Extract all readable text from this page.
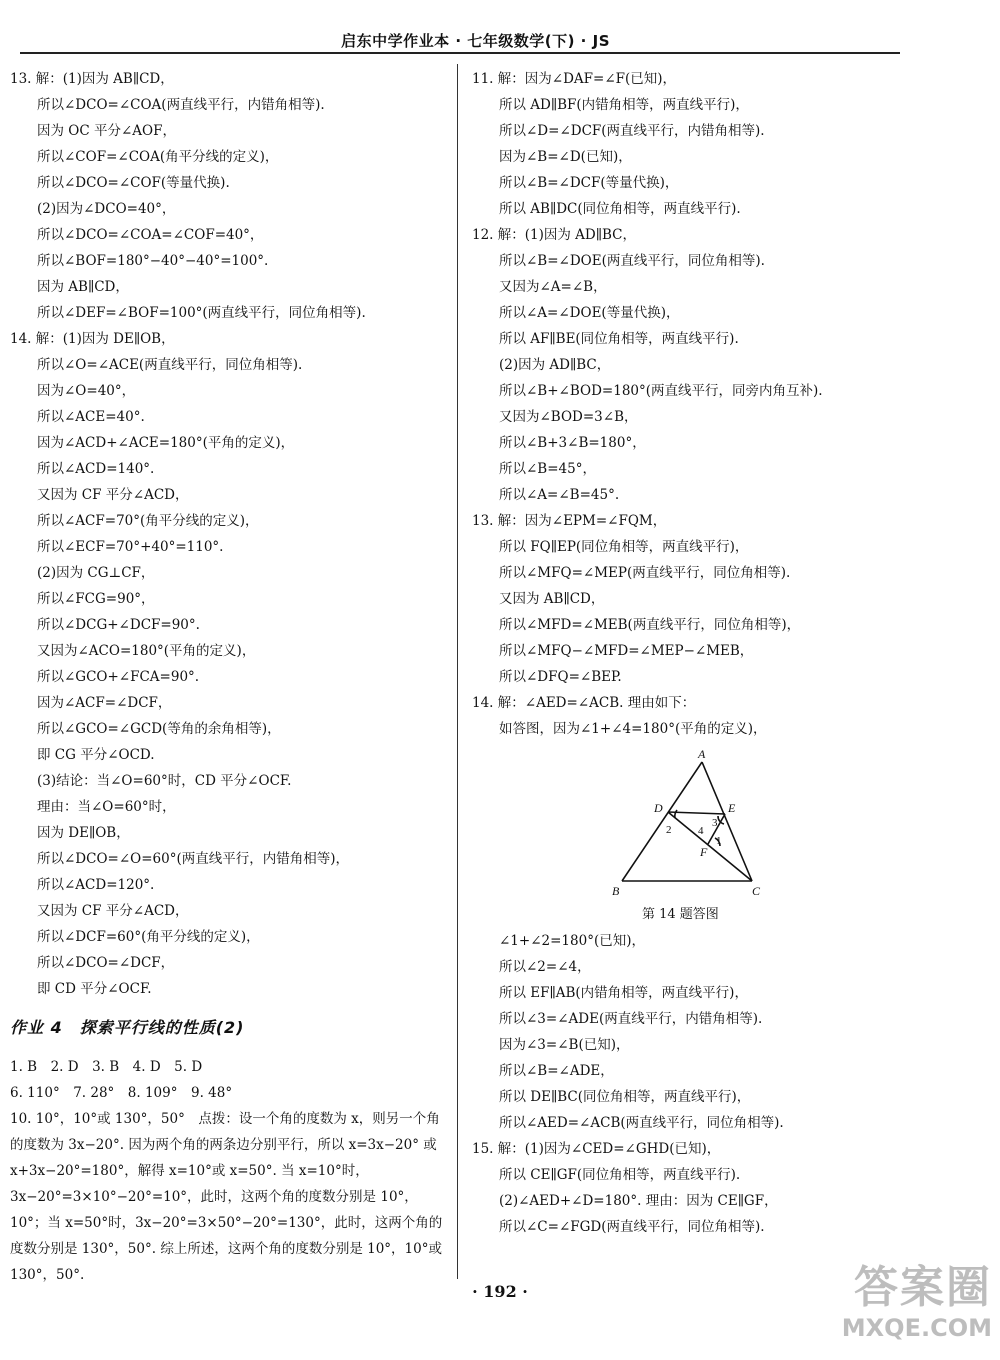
启东中学作业本 · 七年级数学(下) · JS
13. 解：(1)因为 AB∥CD，
所以∠DCO=∠COA(两直线平行，内错角相等).
因为 OC 平分∠AOF，
所以∠COF=∠COA(角平分线的定义)，
所以∠DCO=∠COF(等量代换).
(2)因为∠DCO=40°，
所以∠DCO=∠COA=∠COF=40°，
所以∠BOF=180°−40°−40°=100°.
因为 AB∥CD，
所以∠DEF=∠BOF=100°(两直线平行，同位角相等).
14. 解：(1)因为 DE∥OB，
所以∠O=∠ACE(两直线平行，同位角相等).
因为∠O=40°，
所以∠ACE=40°.
因为∠ACD+∠ACE=180°(平角的定义)，
所以∠ACD=140°.
又因为 CF 平分∠ACD，
所以∠ACF=70°(角平分线的定义)，
所以∠ECF=70°+40°=110°.
(2)因为 CG⊥CF，
所以∠FCG=90°，
所以∠DCG+∠DCF=90°.
又因为∠ACO=180°(平角的定义)，
所以∠GCO+∠FCA=90°.
因为∠ACF=∠DCF，
所以∠GCO=∠GCD(等角的余角相等)，
即 CG 平分∠OCD.
(3)结论：当∠O=60°时，CD 平分∠OCF.
理由：当∠O=60°时，
因为 DE∥OB，
所以∠DCO=∠O=60°(两直线平行，内错角相等)，
所以∠ACD=120°.
又因为 CF 平分∠ACD，
所以∠DCF=60°(角平分线的定义)，
所以∠DCO=∠DCF，
即 CD 平分∠OCF.
作业 4　探索平行线的性质(2)
1. B　2. D　3. B　4. D　5. D
6. 110°　7. 28°　8. 109°　9. 48°
10. 10°，10°或 130°，50°　点拨：设一个角的度数为 x，则另一个角的度数为 3x−20°. 因为两个角的两条边分别平行，所以 x=3x−20° 或 x+3x−20°=180°，解得 x=10°或 x=50°. 当 x=10°时，3x−20°=3×10°−20°=10°，此时，这两个角的度数分别是 10°，10°；当 x=50°时，3x−20°=3×50°−20°=130°，此时，这两个角的度数分别是 130°，50°. 综上所述，这两个角的度数分别是 10°，10°或 130°，50°.
11. 解：因为∠DAF=∠F(已知)，
所以 AD∥BF(内错角相等，两直线平行)，
所以∠D=∠DCF(两直线平行，内错角相等).
因为∠B=∠D(已知)，
所以∠B=∠DCF(等量代换)，
所以 AB∥DC(同位角相等，两直线平行).
12. 解：(1)因为 AD∥BC，
所以∠B=∠DOE(两直线平行，同位角相等).
又因为∠A=∠B，
所以∠A=∠DOE(等量代换)，
所以 AF∥BE(同位角相等，两直线平行).
(2)因为 AD∥BC，
所以∠B+∠BOD=180°(两直线平行，同旁内角互补).
又因为∠BOD=3∠B，
所以∠B+3∠B=180°，
所以∠B=45°，
所以∠A=∠B=45°.
13. 解：因为∠EPM=∠FQM，
所以 FQ∥EP(同位角相等，两直线平行)，
所以∠MFQ=∠MEP(两直线平行，同位角相等).
又因为 AB∥CD，
所以∠MFD=∠MEB(两直线平行，同位角相等)，
所以∠MFQ−∠MFD=∠MEP−∠MEB，
所以∠DFQ=∠BEP.
14. 解：∠AED=∠ACB. 理由如下：
如答图，因为∠1+∠4=180°(平角的定义)，
A
B	C
D	E
F
1
2
3
4
第 14 题答图
∠1+∠2=180°(已知)，
所以∠2=∠4，
所以 EF∥AB(内错角相等，两直线平行)，
所以∠3=∠ADE(两直线平行，内错角相等).
因为∠3=∠B(已知)，
所以∠B=∠ADE，
所以 DE∥BC(同位角相等，两直线平行)，
所以∠AED=∠ACB(两直线平行，同位角相等).
15. 解：(1)因为∠CED=∠GHD(已知)，
所以 CE∥GF(同位角相等，两直线平行).
(2)∠AED+∠D=180°. 理由：因为 CE∥GF，
所以∠C=∠FGD(两直线平行，同位角相等).
· 192 ·	答案圈
MXQE.COM
